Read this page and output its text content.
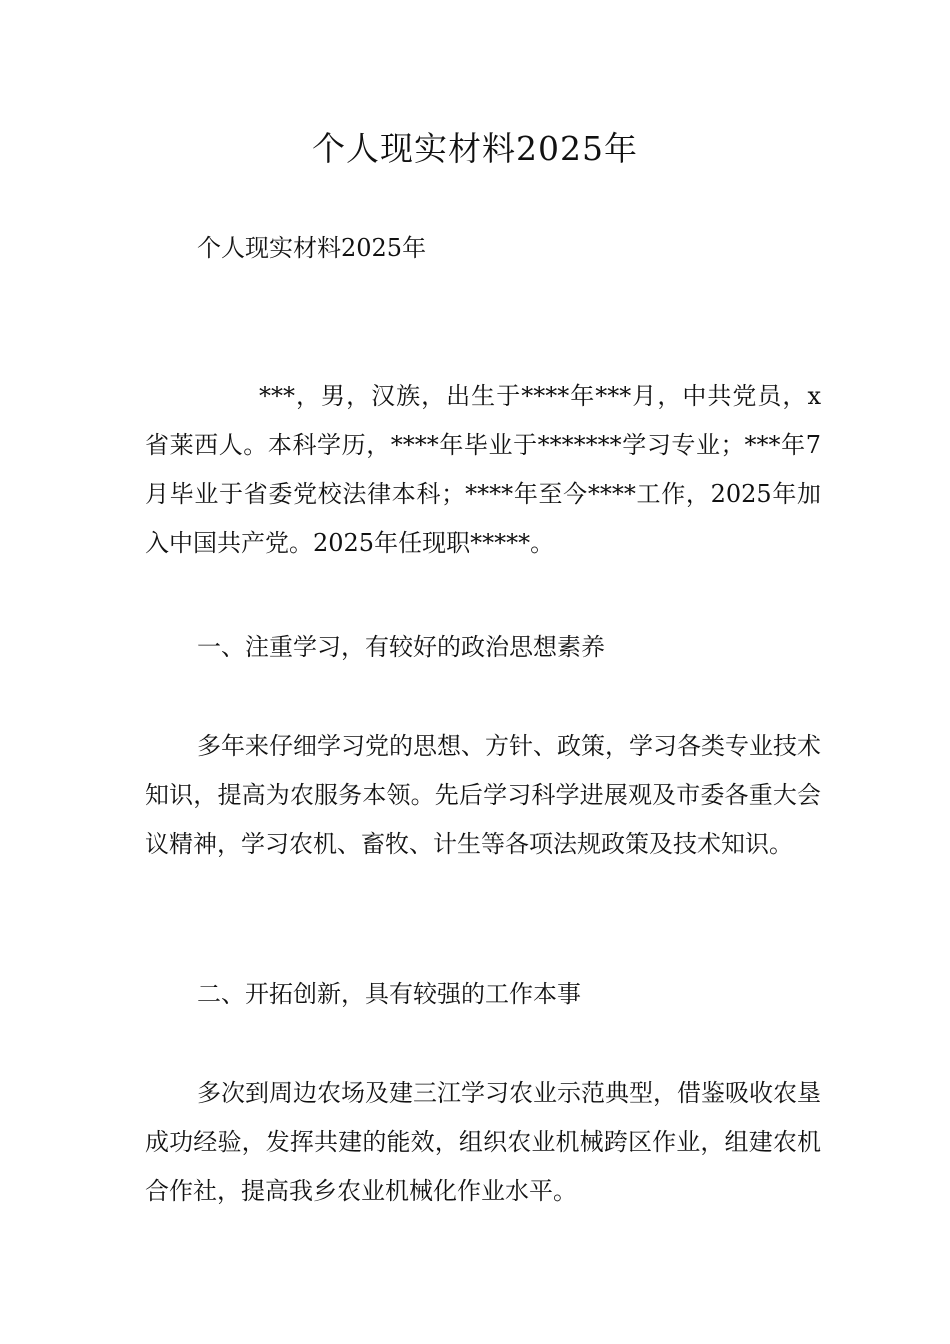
个人现实材料2025年

个人现实材料2025年

***，男，汉族，出生于****年***月，中共党员，x省莱西人。本科学历，****年毕业于*******学习专业；***年7月毕业于省委党校法律本科；****年至今****工作，2025年加入中国共产党。2025年任现职*****。

一、注重学习，有较好的政治思想素养

多年来仔细学习党的思想、方针、政策，学习各类专业技术知识，提高为农服务本领。先后学习科学进展观及市委各重大会议精神，学习农机、畜牧、计生等各项法规政策及技术知识。

二、开拓创新，具有较强的工作本事

多次到周边农场及建三江学习农业示范典型，借鉴吸收农垦成功经验，发挥共建的能效，组织农业机械跨区作业，组建农机合作社，提高我乡农业机械化作业水平。
